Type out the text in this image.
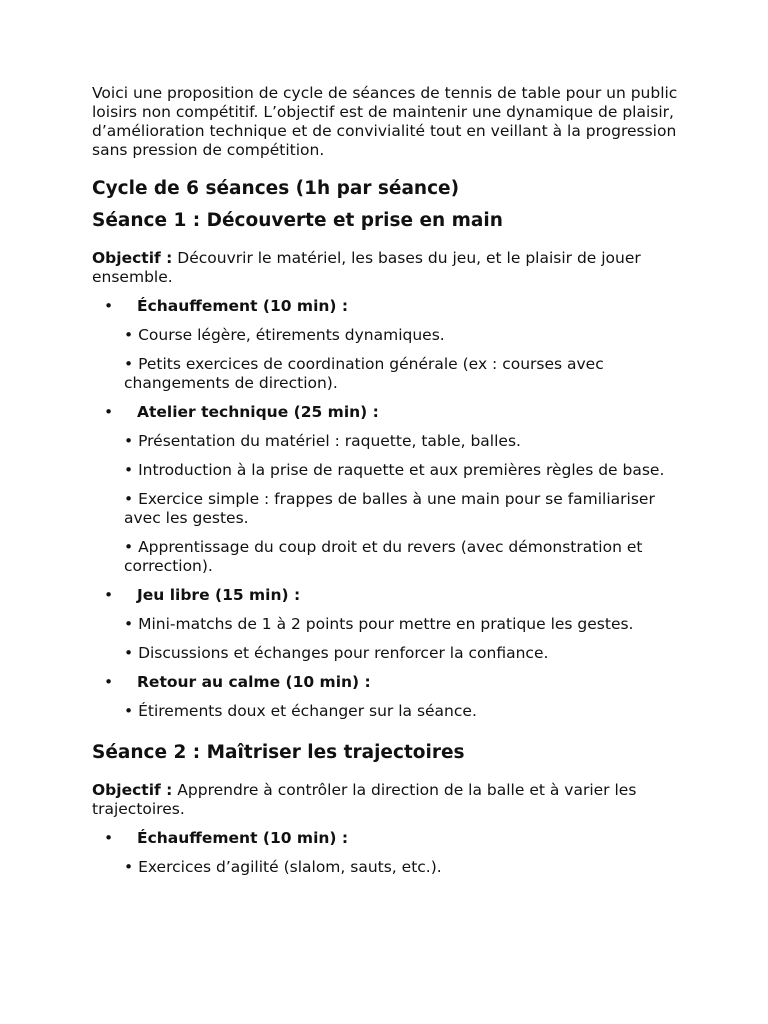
Voici une proposition de cycle de séances de tennis de table pour un public loisirs non compétitif. L’objectif est de maintenir une dynamique de plaisir, d’amélioration technique et de convivialité tout en veillant à la progression sans pression de compétition.

Cycle de 6 séances (1h par séance)
Séance 1 : Découverte et prise en main

Objectif : Découvrir le matériel, les bases du jeu, et le plaisir de jouer ensemble.

• Échauffement (10 min) :
• Course légère, étirements dynamiques.
• Petits exercices de coordination générale (ex : courses avec changements de direction).
• Atelier technique (25 min) :
• Présentation du matériel : raquette, table, balles.
• Introduction à la prise de raquette et aux premières règles de base.
• Exercice simple : frappes de balles à une main pour se familiariser avec les gestes.
• Apprentissage du coup droit et du revers (avec démonstration et correction).
• Jeu libre (15 min) :
• Mini-matchs de 1 à 2 points pour mettre en pratique les gestes.
• Discussions et échanges pour renforcer la confiance.
• Retour au calme (10 min) :
• Étirements doux et échanger sur la séance.
Séance 2 : Maîtriser les trajectoires

Objectif : Apprendre à contrôler la direction de la balle et à varier les trajectoires.

• Échauffement (10 min) :
• Exercices d’agilité (slalom, sauts, etc.).
